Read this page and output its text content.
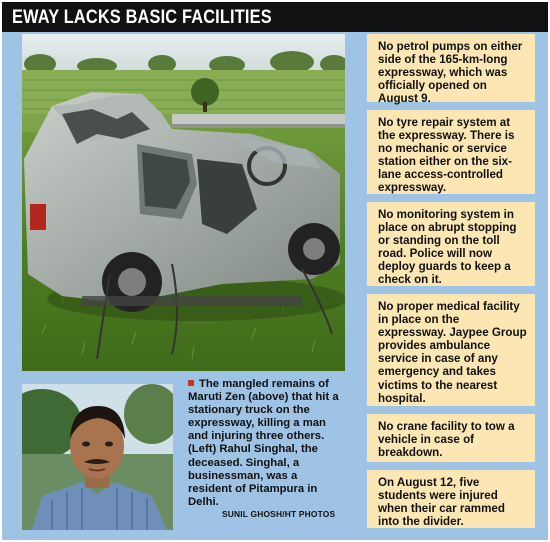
EWAY LACKS BASIC FACILITIES
The mangled remains of Maruti Zen (above) that hit a stationary truck on the expressway, killing a man and injuring three others. (Left) Rahul Singhal, the deceased. Singhal, a businessman, was a resident of Pitampura in Delhi.
SUNIL GHOSH/HT PHOTOS
No petrol pumps on either side of the 165-km-long expressway, which was officially opened on August 9.
No tyre repair system at the expressway. There is no mechanic or service station either on the six-lane access-controlled expressway.
No monitoring system in place on abrupt stopping or standing on the toll road. Police will now deploy guards to keep a check on it.
No proper medical facility in place on the expressway. Jaypee Group provides ambulance service in case of any emergency and takes victims to the nearest hospital.
No crane facility to tow a vehicle in case of breakdown.
On August 12, five students were injured when their car rammed into the divider.
